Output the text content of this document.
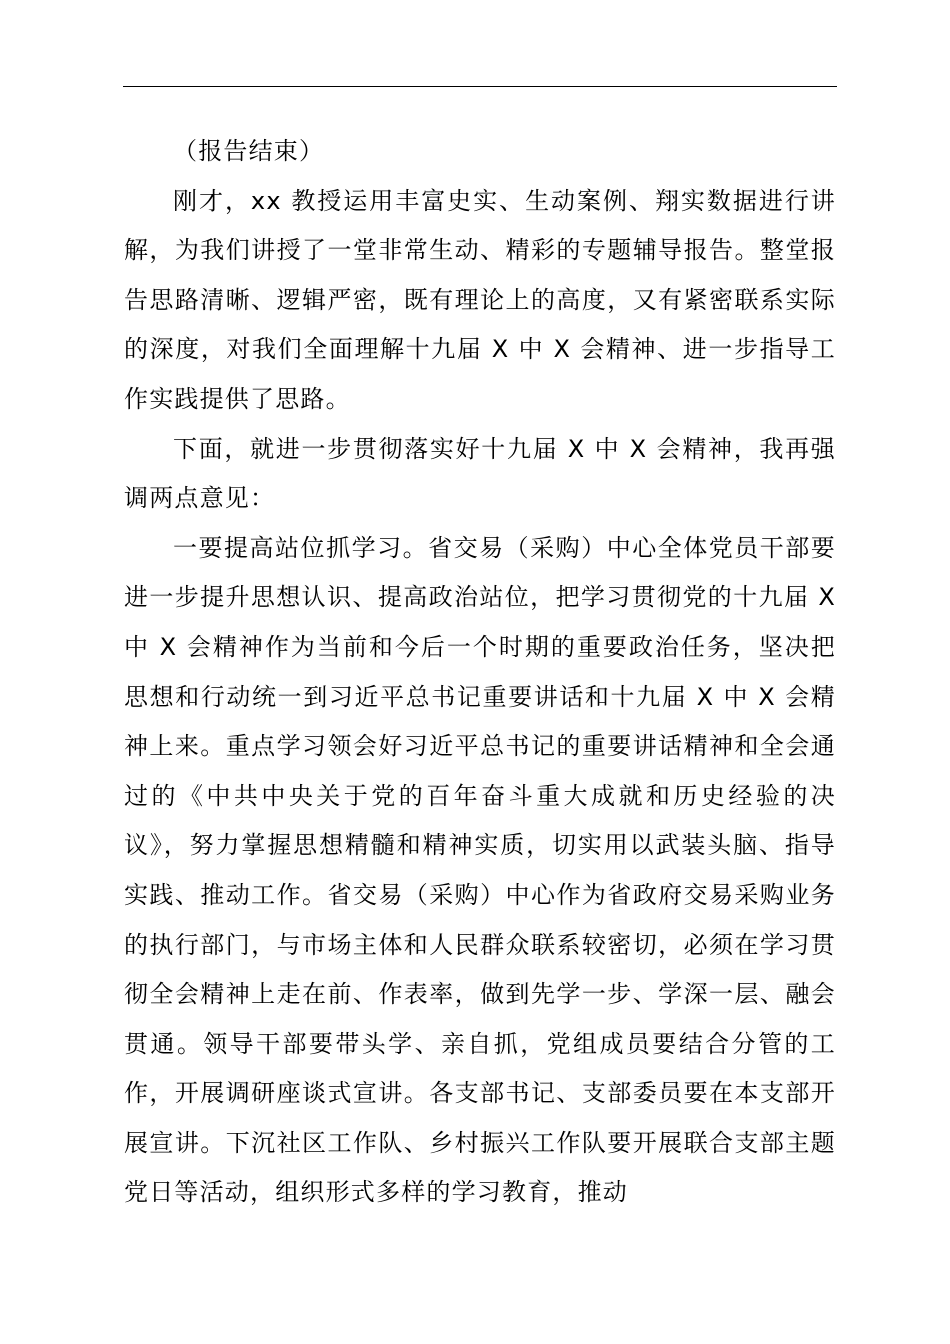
（报告结束）

刚才，xx 教授运用丰富史实、生动案例、翔实数据进行讲解，为我们讲授了一堂非常生动、精彩的专题辅导报告。整堂报告思路清晰、逻辑严密，既有理论上的高度，又有紧密联系实际的深度，对我们全面理解十九届 X 中 X 会精神、进一步指导工作实践提供了思路。

下面，就进一步贯彻落实好十九届 X 中 X 会精神，我再强调两点意见：

一要提高站位抓学习。省交易（采购）中心全体党员干部要进一步提升思想认识、提高政治站位，把学习贯彻党的十九届 X 中 X 会精神作为当前和今后一个时期的重要政治任务，坚决把思想和行动统一到习近平总书记重要讲话和十九届 X 中 X 会精神上来。重点学习领会好习近平总书记的重要讲话精神和全会通过的《中共中央关于党的百年奋斗重大成就和历史经验的决议》，努力掌握思想精髓和精神实质，切实用以武装头脑、指导实践、推动工作。省交易（采购）中心作为省政府交易采购业务的执行部门，与市场主体和人民群众联系较密切，必须在学习贯彻全会精神上走在前、作表率，做到先学一步、学深一层、融会贯通。领导干部要带头学、亲自抓，党组成员要结合分管的工作，开展调研座谈式宣讲。各支部书记、支部委员要在本支部开展宣讲。下沉社区工作队、乡村振兴工作队要开展联合支部主题党日等活动，组织形式多样的学习教育，推动
